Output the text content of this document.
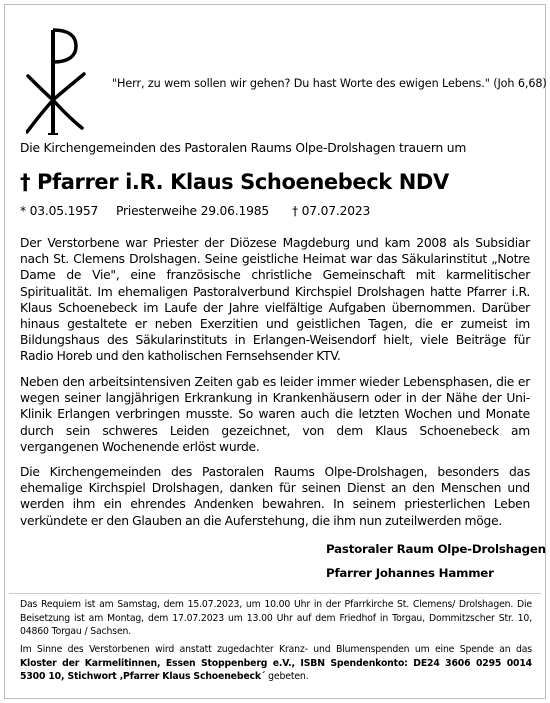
"Herr, zu wem sollen wir gehen? Du hast Worte des ewigen Lebens." (Joh 6,68)
Die Kirchengemeinden des Pastoralen Raums Olpe-Drolshagen trauern um
† Pfarrer i.R. Klaus Schoenebeck NDV
* 03.05.1957 Priesterweihe 29.06.1985 † 07.07.2023
Der Verstorbene war Priester der Diözese Magdeburg und kam 2008 als Subsidiar nach St. Clemens Drolshagen. Seine geistliche Heimat war das Säkularinstitut „Notre Dame de Vie", eine französische christliche Gemeinschaft mit karmelitischer Spiritualität. Im ehemaligen Pastoralverbund Kirchspiel Drolshagen hatte Pfarrer i.R. Klaus Schoenebeck im Laufe der Jahre vielfältige Aufgaben übernommen. Darüber hinaus gestaltete er neben Exerzitien und geistlichen Tagen, die er zumeist im Bildungshaus des Säkularinstituts in Erlangen-Weisendorf hielt, viele Beiträge für Radio Horeb und den katholischen Fernsehsender KTV.
Neben den arbeitsintensiven Zeiten gab es leider immer wieder Lebensphasen, die er wegen seiner langjährigen Erkrankung in Krankenhäusern oder in der Nähe der Uni-Klinik Erlangen verbringen musste. So waren auch die letzten Wochen und Monate durch sein schweres Leiden gezeichnet, von dem Klaus Schoenebeck am vergangenen Wochenende erlöst wurde.
Die Kirchengemeinden des Pastoralen Raums Olpe-Drolshagen, besonders das ehemalige Kirchspiel Drolshagen, danken für seinen Dienst an den Menschen und werden ihm ein ehrendes Andenken bewahren. In seinem priesterlichen Leben verkündete er den Glauben an die Auferstehung, die ihm nun zuteilwerden möge.
Pastoraler Raum Olpe-Drolshagen
Pfarrer Johannes Hammer
Das Requiem ist am Samstag, dem 15.07.2023, um 10.00 Uhr in der Pfarrkirche St. Clemens/ Drolshagen. Die Beisetzung ist am Montag, dem 17.07.2023 um 13.00 Uhr auf dem Friedhof in Torgau, Dommitzscher Str. 10, 04860 Torgau / Sachsen.
Im Sinne des Verstorbenen wird anstatt zugedachter Kranz- und Blumenspenden um eine Spende an das Kloster der Karmelitinnen, Essen Stoppenberg e.V., ISBN Spendenkonto: DE24 3606 0295 0014 5300 10, Stichwort ‚Pfarrer Klaus Schoenebeck´ gebeten.
